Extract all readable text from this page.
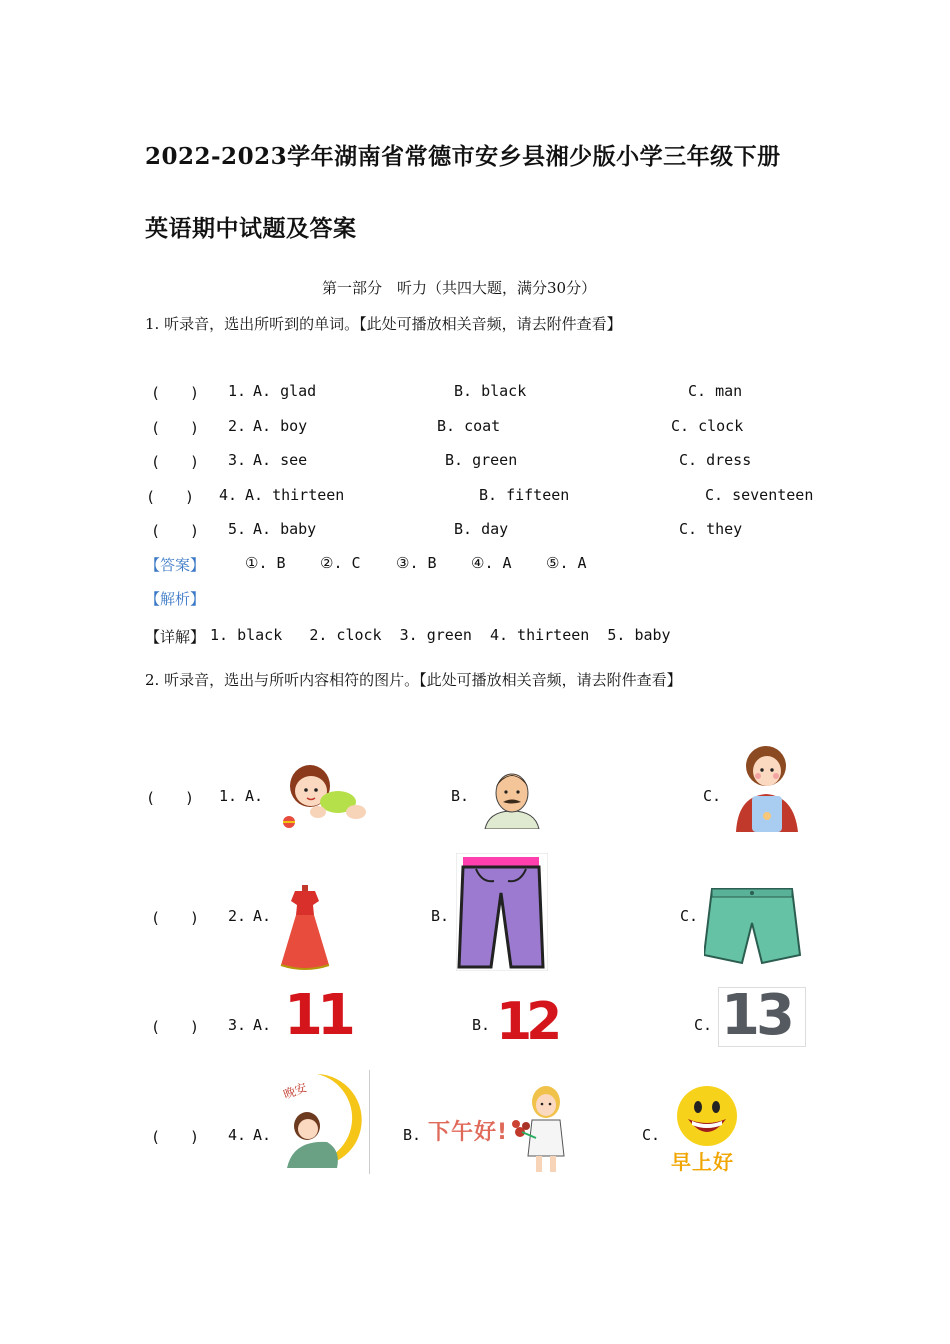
2022-2023学年湖南省常德市安乡县湘少版小学三年级下册
英语期中试题及答案
第一部分　听力（共四大题，满分30分）
1. 听录音，选出所听到的单词。【此处可播放相关音频，请去附件查看】
(　　) 1. A. glad	B. black	C. man
(　　) 2. A. boy	B. coat	C. clock
(　　) 3. A. see	B. green	C. dress
(　　) 4. A. thirteen	B. fifteen	C. seventeen
(　　) 5. A. baby	B. day	C. they
【答案】	①. B ②. C ③. B ④. A ⑤. A
【解析】
【详解】 1. black   2. clock  3. green  4. thirteen  5. baby
2. 听录音，选出与所听内容相符的图片。【此处可播放相关音频，请去附件查看】
(　　) 1. A.	B.	C.
(　　) 2. A.	B.	C.
(　　) 3. A.	B.	C.
11	12	13
(　　) 4. A.	B.	C.
晚安
下午好!
早上好
